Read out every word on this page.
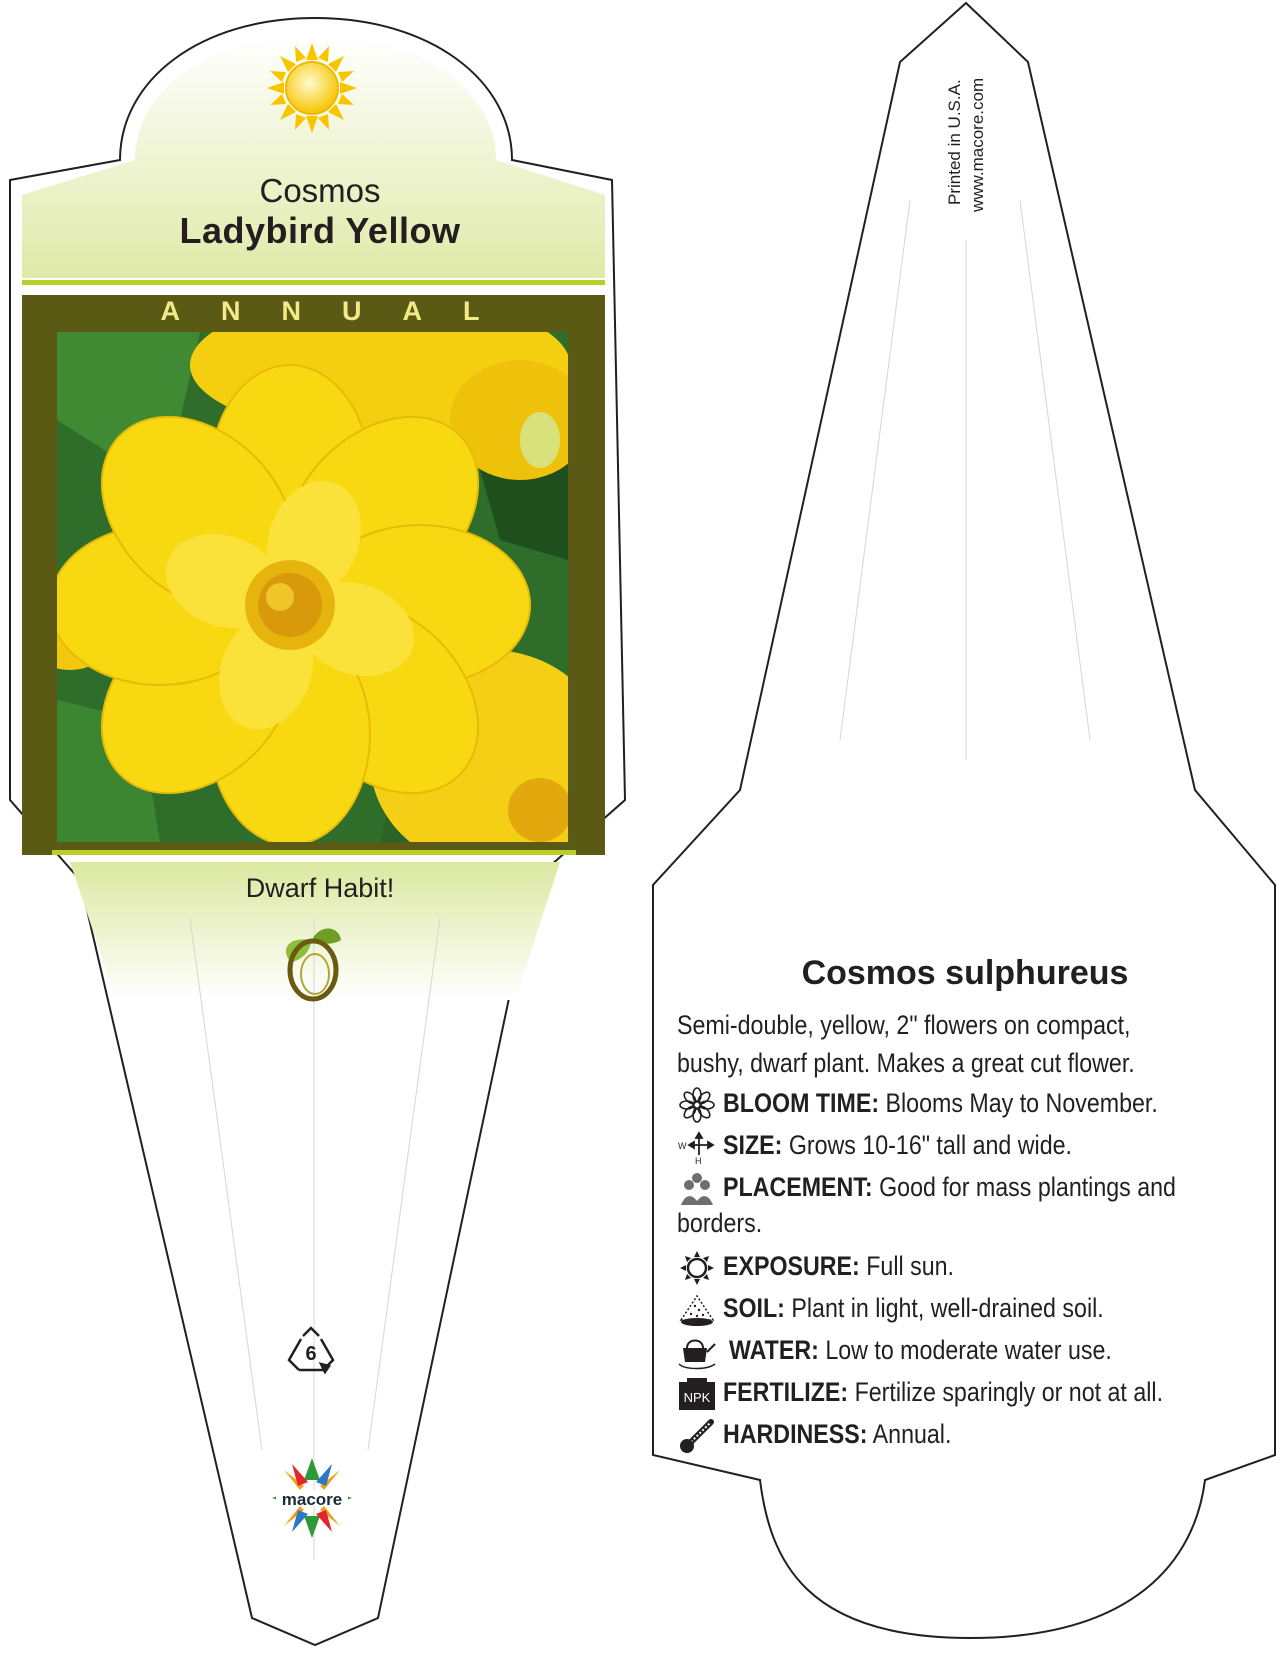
Cosmos
Ladybird Yellow
ANNUAL
Dwarf Habit!
6
macore
Printed in U.S.A. www.macore.com
Cosmos sulphureus
Semi-double, yellow, 2" flowers on compact, bushy, dwarf plant. Makes a great cut flower.
BLOOM TIME: Blooms May to November.
W
H
SIZE: Grows 10-16" tall and wide.
PLACEMENT: Good for mass plantings and
borders.
EXPOSURE: Full sun.
SOIL: Plant in light, well-drained soil.
WATER: Low to moderate water use.
NPK FERTILIZE: Fertilize sparingly or not at all.
HARDINESS: Annual.
